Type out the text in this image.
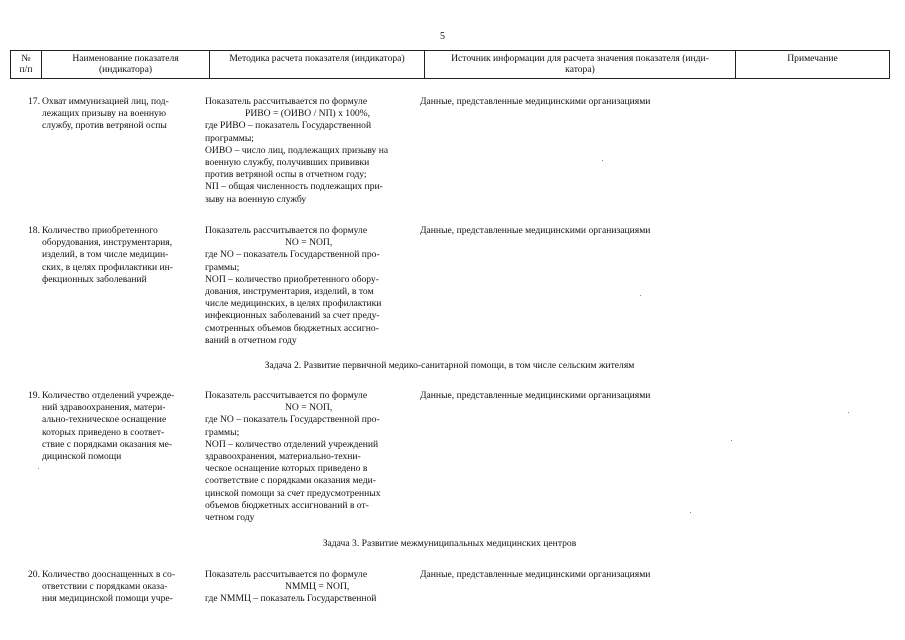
5
№
п/п
Наименование показателя
(индикатора)
Методика расчета показателя (индикатора)	Источник информации для расчета значения показателя (инди-
катора)
Примечание
17. Охват иммунизацией лиц, под-
лежащих призыву на военную
службу, против ветряной оспы
Показатель рассчитывается по формуле
PИВО = (OИВО / NП) x 100%,
где PИВО – показатель Государственной
программы;
OИВО – число лиц, подлежащих призыву на
военную службу, получивших прививки
против ветряной оспы в отчетном году;
NП – общая численность подлежащих при-
зыву на военную службу
Данные, представленные медицинскими организациями
18. Количество приобретенного
оборудования, инструментария,
изделий, в том числе медицин-
ских, в целях профилактики ин-
фекционных заболеваний
Показатель рассчитывается по формуле
NО = NОП,
где NО – показатель Государственной про-
граммы;
NОП – количество приобретенного обору-
дования, инструментария, изделий, в том
числе медицинских, в целях профилактики
инфекционных заболеваний за счет преду-
смотренных объемов бюджетных ассигно-
ваний в отчетном году
Данные, представленные медицинскими организациями
Задача 2. Развитие первичной медико-санитарной помощи, в том числе сельским жителям
19. Количество отделений учрежде-
ний здравоохранения, матери-
ально-техническое оснащение
которых приведено в соответ-
ствие с порядками оказания ме-
дицинской помощи
Показатель рассчитывается по формуле
NО = NОП,
где NО – показатель Государственной про-
граммы;
NОП – количество отделений учреждений
здравоохранения, материально-техни-
ческое оснащение которых приведено в
соответствие с порядками оказания меди-
цинской помощи за счет предусмотренных
объемов бюджетных ассигнований в от-
четном году
Данные, представленные медицинскими организациями
Задача 3. Развитие межмуниципальных медицинских центров
20. Количество дооснащенных в со-
ответствии с порядками оказа-
ния медицинской помощи учре-
Показатель рассчитывается по формуле
NММЦ = NОП,
где NММЦ – показатель Государственной
Данные, представленные медицинскими организациями
